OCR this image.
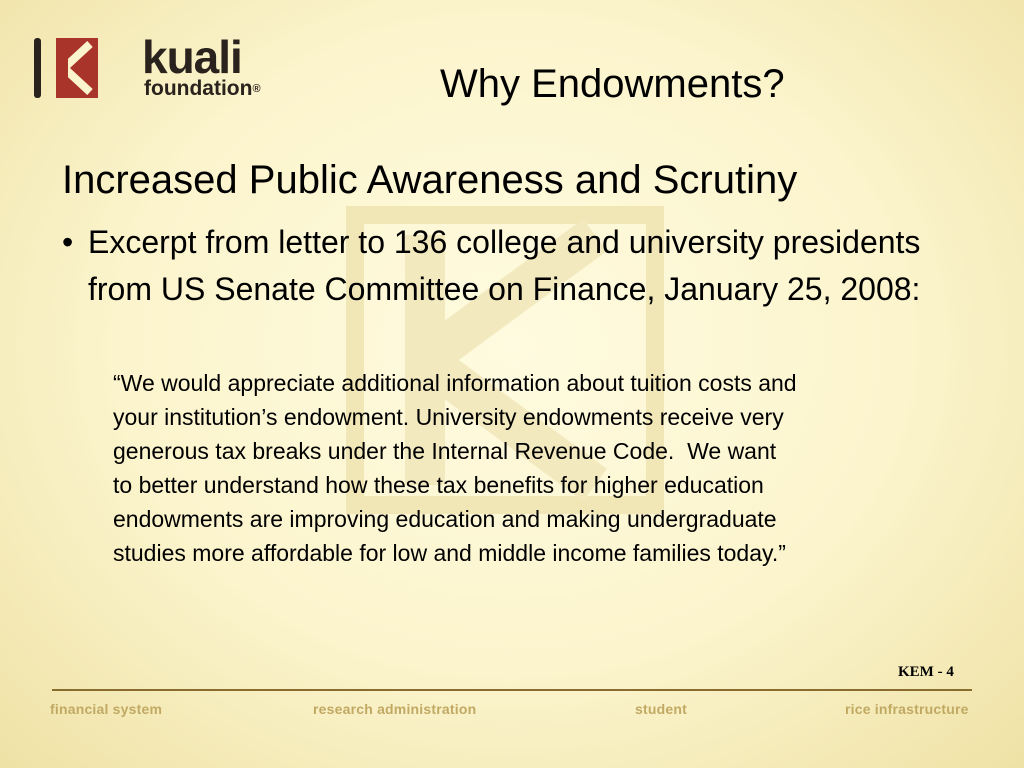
kuali
foundation®	Why Endowments?
Increased Public Awareness and Scrutiny
• Excerpt from letter to 136 college and university presidents from US Senate Committee on Finance, January 25, 2008:
“We would appreciate additional information about tuition costs and
your institution’s endowment. University endowments receive very
generous tax breaks under the Internal Revenue Code.  We want
to better understand how these tax benefits for higher education
endowments are improving education and making undergraduate
studies more affordable for low and middle income families today.”
KEM - 4
financial system	research administration	student	rice infrastructure
